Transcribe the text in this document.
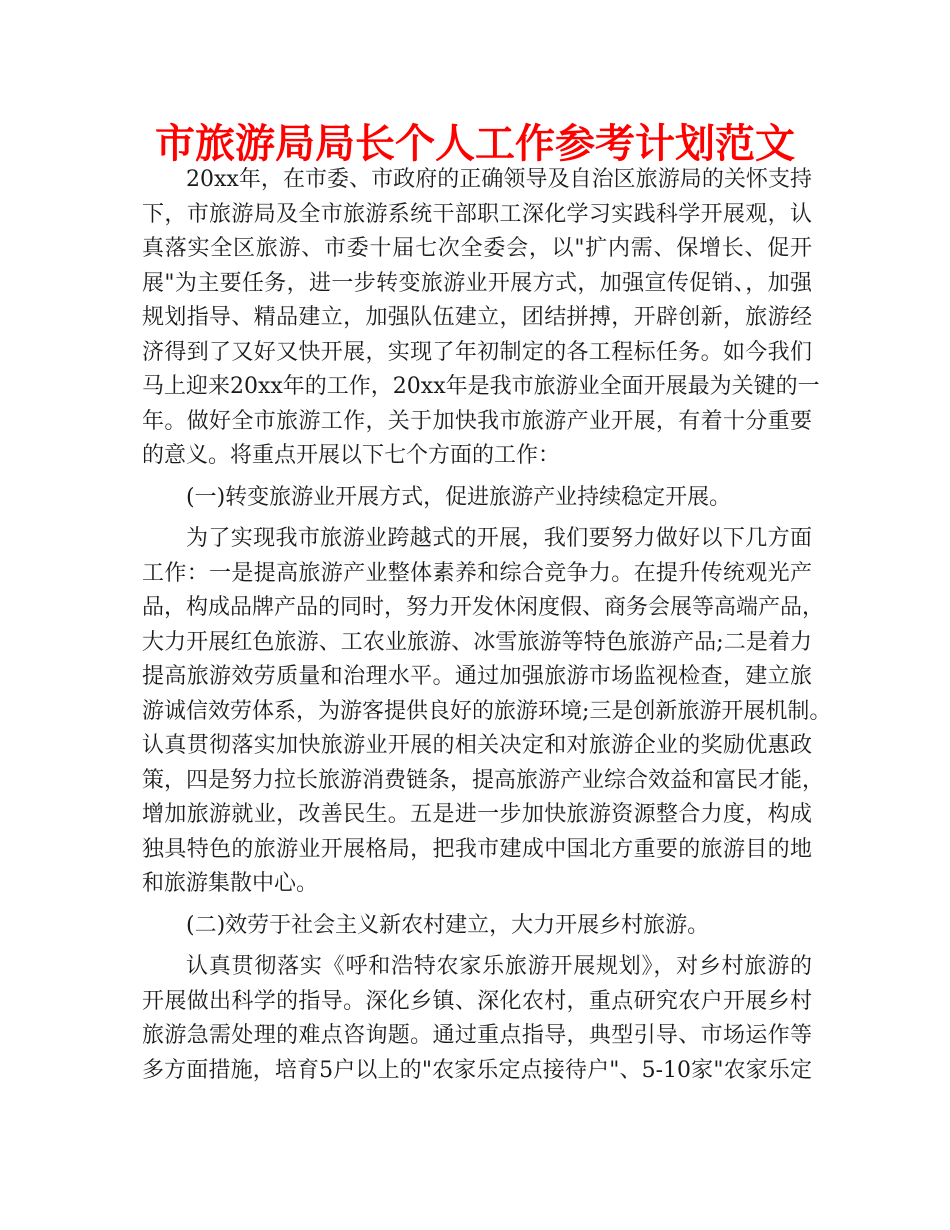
市旅游局局长个人工作参考计划范文
20xx年，在市委、市政府的正确领导及自治区旅游局的关怀支持
下，市旅游局及全市旅游系统干部职工深化学习实践科学开展观，认
真落实全区旅游、市委十届七次全委会，以"扩内需、保增长、促开
展"为主要任务，进一步转变旅游业开展方式，加强宣传促销、，加强
规划指导、精品建立，加强队伍建立，团结拼搏，开辟创新，旅游经
济得到了又好又快开展，实现了年初制定的各工程标任务。如今我们
马上迎来20xx年的工作，20xx年是我市旅游业全面开展最为关键的一
年。做好全市旅游工作，关于加快我市旅游产业开展，有着十分重要
的意义。将重点开展以下七个方面的工作：
(一)转变旅游业开展方式，促进旅游产业持续稳定开展。
为了实现我市旅游业跨越式的开展，我们要努力做好以下几方面
工作：一是提高旅游产业整体素养和综合竞争力。在提升传统观光产
品，构成品牌产品的同时，努力开发休闲度假、商务会展等高端产品，
大力开展红色旅游、工农业旅游、冰雪旅游等特色旅游产品;二是着力
提高旅游效劳质量和治理水平。通过加强旅游市场监视检查，建立旅
游诚信效劳体系，为游客提供良好的旅游环境;三是创新旅游开展机制。
认真贯彻落实加快旅游业开展的相关决定和对旅游企业的奖励优惠政
策，四是努力拉长旅游消费链条，提高旅游产业综合效益和富民才能，
增加旅游就业，改善民生。五是进一步加快旅游资源整合力度，构成
独具特色的旅游业开展格局，把我市建成中国北方重要的旅游目的地
和旅游集散中心。
(二)效劳于社会主义新农村建立，大力开展乡村旅游。
认真贯彻落实《呼和浩特农家乐旅游开展规划》，对乡村旅游的
开展做出科学的指导。深化乡镇、深化农村，重点研究农户开展乡村
旅游急需处理的难点咨询题。通过重点指导，典型引导、市场运作等
多方面措施，培育5户以上的"农家乐定点接待户"、5-10家"农家乐定
